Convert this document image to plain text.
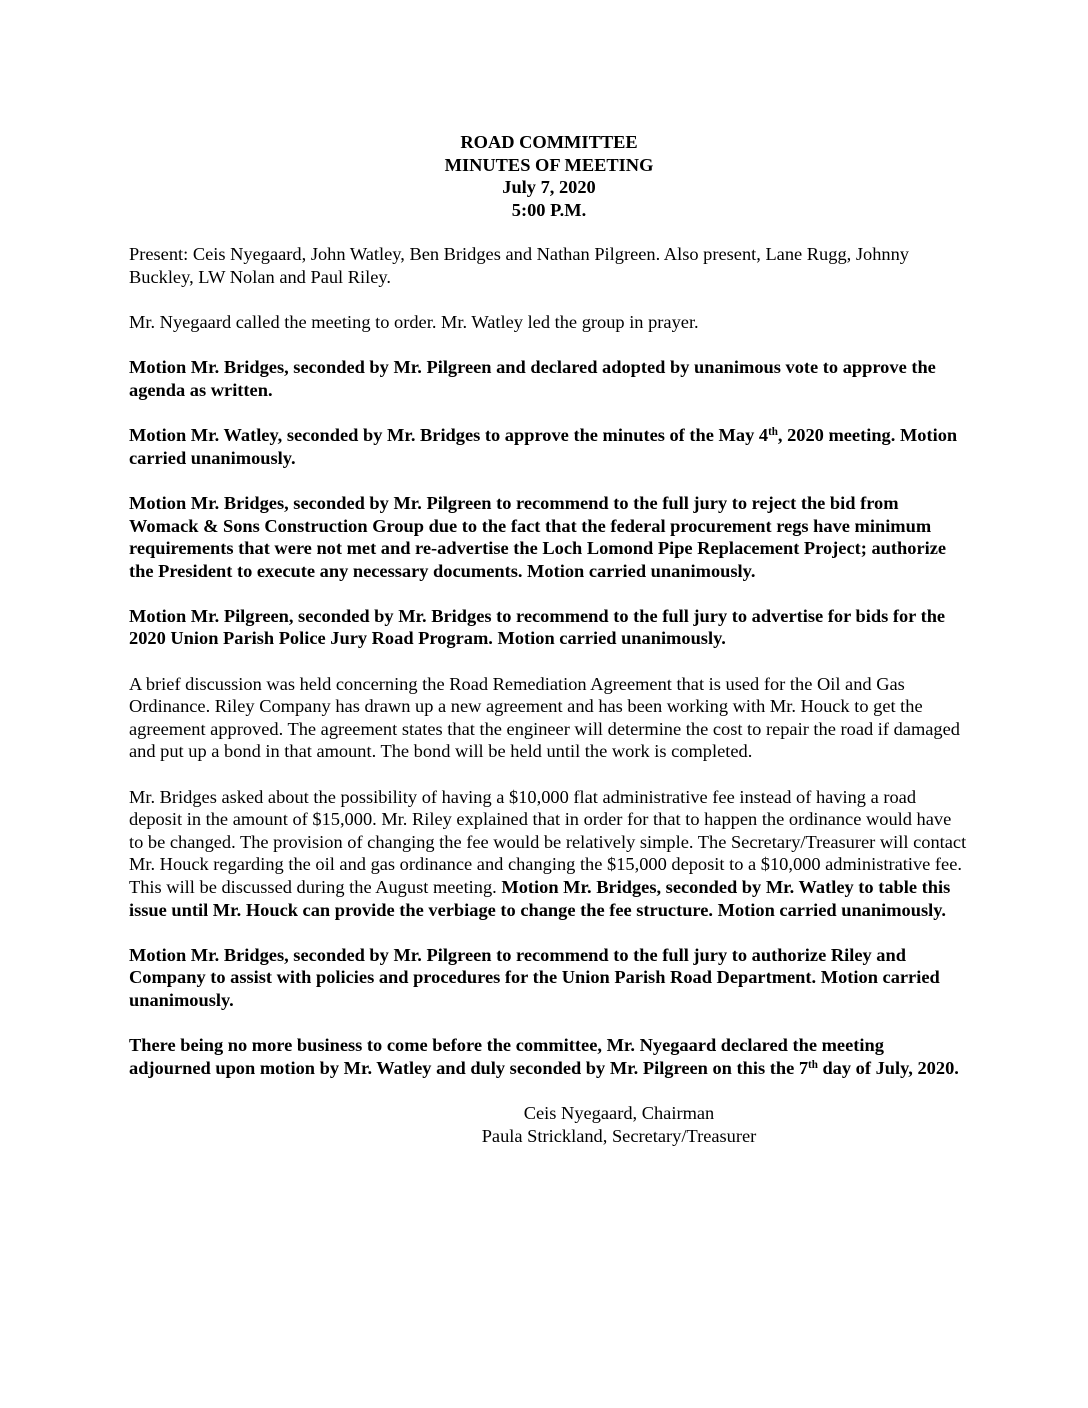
ROAD COMMITTEE
MINUTES OF MEETING
July 7, 2020
5:00 P.M.

Present: Ceis Nyegaard, John Watley, Ben Bridges and Nathan Pilgreen. Also present, Lane Rugg, Johnny Buckley, LW Nolan and Paul Riley.

Mr. Nyegaard called the meeting to order. Mr. Watley led the group in prayer.

Motion Mr. Bridges, seconded by Mr. Pilgreen and declared adopted by unanimous vote to approve the agenda as written.

Motion Mr. Watley, seconded by Mr. Bridges to approve the minutes of the May 4th, 2020 meeting. Motion carried unanimously.

Motion Mr. Bridges, seconded by Mr. Pilgreen to recommend to the full jury to reject the bid from Womack & Sons Construction Group due to the fact that the federal procurement regs have minimum requirements that were not met and re-advertise the Loch Lomond Pipe Replacement Project; authorize the President to execute any necessary documents. Motion carried unanimously.

Motion Mr. Pilgreen, seconded by Mr. Bridges to recommend to the full jury to advertise for bids for the 2020 Union Parish Police Jury Road Program. Motion carried unanimously.

A brief discussion was held concerning the Road Remediation Agreement that is used for the Oil and Gas Ordinance. Riley Company has drawn up a new agreement and has been working with Mr. Houck to get the agreement approved. The agreement states that the engineer will determine the cost to repair the road if damaged and put up a bond in that amount. The bond will be held until the work is completed.

Mr. Bridges asked about the possibility of having a $10,000 flat administrative fee instead of having a road deposit in the amount of $15,000. Mr. Riley explained that in order for that to happen the ordinance would have to be changed. The provision of changing the fee would be relatively simple. The Secretary/Treasurer will contact Mr. Houck regarding the oil and gas ordinance and changing the $15,000 deposit to a $10,000 administrative fee. This will be discussed during the August meeting. Motion Mr. Bridges, seconded by Mr. Watley to table this issue until Mr. Houck can provide the verbiage to change the fee structure. Motion carried unanimously.

Motion Mr. Bridges, seconded by Mr. Pilgreen to recommend to the full jury to authorize Riley and Company to assist with policies and procedures for the Union Parish Road Department. Motion carried unanimously.

There being no more business to come before the committee, Mr. Nyegaard declared the meeting adjourned upon motion by Mr. Watley and duly seconded by Mr. Pilgreen on this the 7th day of July, 2020.

Ceis Nyegaard, Chairman
Paula Strickland, Secretary/Treasurer
